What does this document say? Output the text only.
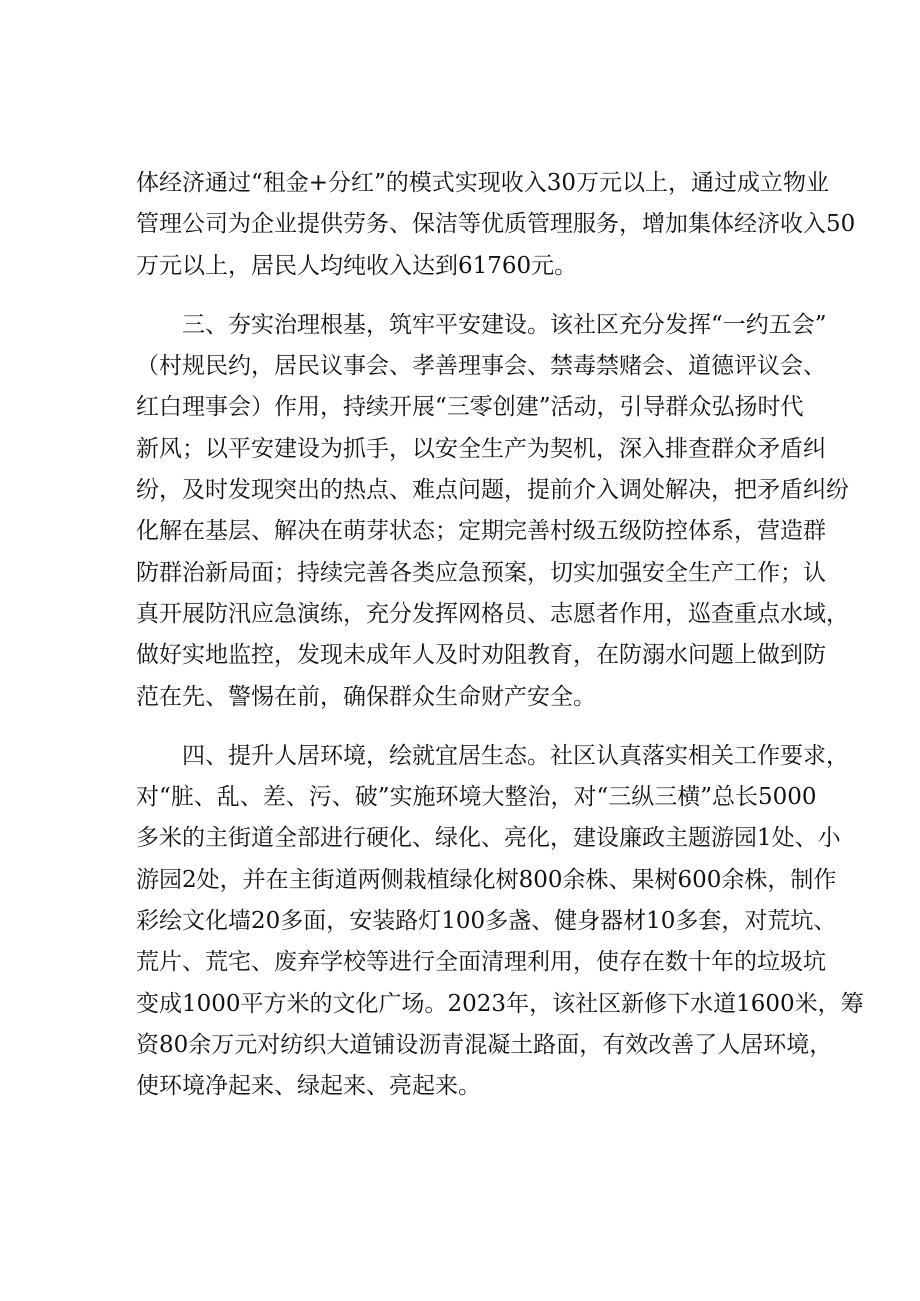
体经济通过“租金+分红”的模式实现收入30万元以上，通过成立物业
管理公司为企业提供劳务、保洁等优质管理服务，增加集体经济收入50
万元以上，居民人均纯收入达到61760元。
三、夯实治理根基，筑牢平安建设。该社区充分发挥“一约五会”
（村规民约，居民议事会、孝善理事会、禁毒禁赌会、道德评议会、
红白理事会）作用，持续开展“三零创建”活动，引导群众弘扬时代
新风；以平安建设为抓手，以安全生产为契机，深入排查群众矛盾纠
纷，及时发现突出的热点、难点问题，提前介入调处解决，把矛盾纠纷
化解在基层、解决在萌芽状态；定期完善村级五级防控体系，营造群
防群治新局面；持续完善各类应急预案，切实加强安全生产工作；认
真开展防汛应急演练，充分发挥网格员、志愿者作用，巡查重点水域，
做好实地监控，发现未成年人及时劝阻教育，在防溺水问题上做到防
范在先、警惕在前，确保群众生命财产安全。
四、提升人居环境，绘就宜居生态。社区认真落实相关工作要求，
对“脏、乱、差、污、破”实施环境大整治，对“三纵三横”总长5000
多米的主街道全部进行硬化、绿化、亮化，建设廉政主题游园1处、小
游园2处，并在主街道两侧栽植绿化树800余株、果树600余株，制作
彩绘文化墙20多面，安装路灯100多盏、健身器材10多套，对荒坑、
荒片、荒宅、废弃学校等进行全面清理利用，使存在数十年的垃圾坑
变成1000平方米的文化广场。2023年，该社区新修下水道1600米，筹
资80余万元对纺织大道铺设沥青混凝土路面，有效改善了人居环境，
使环境净起来、绿起来、亮起来。
